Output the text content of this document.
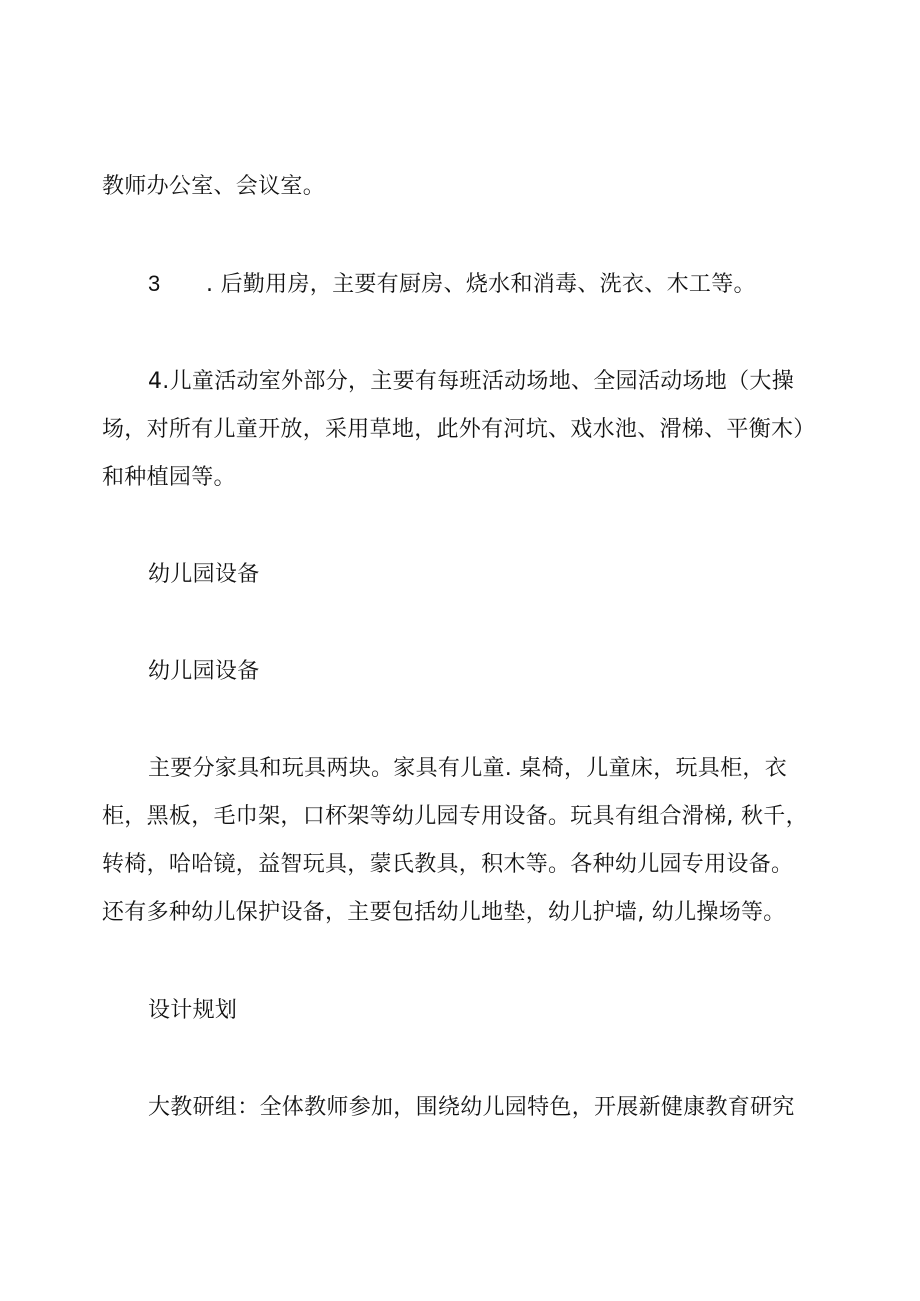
教师办公室、会议室。

3 . 后勤用房，主要有厨房、烧水和消毒、洗衣、木工等。

4.儿童活动室外部分，主要有每班活动场地、全园活动场地（大操

场，对所有儿童开放，采用草地，此外有河坑、戏水池、滑梯、平衡木）

和种植园等。

幼儿园设备

幼儿园设备

主要分家具和玩具两块。家具有儿童. 桌椅，儿童床，玩具柜，衣

柜，黑板，毛巾架，口杯架等幼儿园专用设备。玩具有组合滑梯, 秋千，

转椅，哈哈镜，益智玩具，蒙氏教具，积木等。各种幼儿园专用设备。

还有多种幼儿保护设备，主要包括幼儿地垫，幼儿护墙, 幼儿操场等。

设计规划

大教研组：全体教师参加，围绕幼儿园特色，开展新健康教育研究
